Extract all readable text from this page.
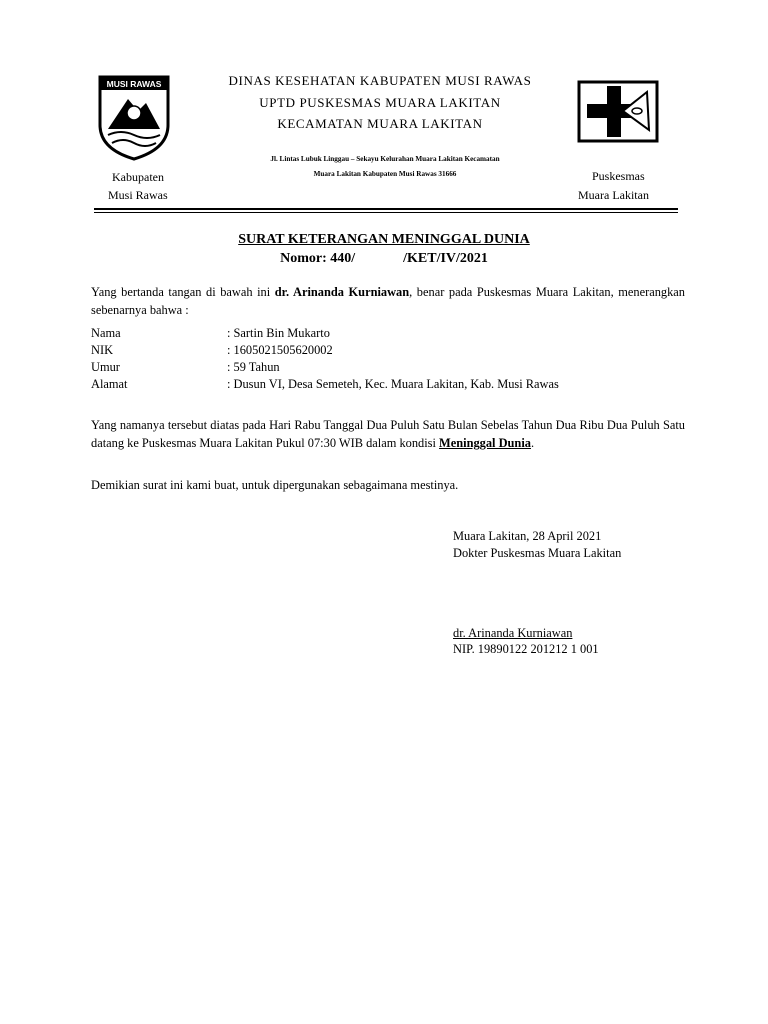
MUSI RAWAS	DINAS KESEHATAN KABUPATEN MUSI RAWAS
UPTD PUSKESMAS MUARA LAKITAN
KECAMATAN MUARA LAKITAN
Jl. Lintas Lubuk Linggau – Sekayu Kelurahan Muara Lakitan Kecamatan
Muara Lakitan Kabupaten Musi Rawas 31666
Kabupaten
Musi Rawas
Puskesmas
Muara Lakitan
SURAT KETERANGAN MENINGGAL DUNIA
Nomor: 440/	/KET/IV/2021
Yang bertanda tangan di bawah ini dr. Arinanda Kurniawan, benar pada Puskesmas Muara Lakitan, menerangkan sebenarnya bahwa :
Nama	: Sartin Bin Mukarto
NIK	: 1605021505620002
Umur	: 59 Tahun
Alamat	: Dusun VI, Desa Semeteh, Kec. Muara Lakitan, Kab. Musi Rawas
Yang namanya tersebut diatas pada Hari Rabu Tanggal Dua Puluh Satu Bulan Sebelas Tahun Dua Ribu Dua Puluh Satu datang ke Puskesmas Muara Lakitan Pukul 07:30 WIB dalam kondisi Meninggal Dunia.
Demikian surat ini kami buat, untuk dipergunakan sebagaimana mestinya.
Muara Lakitan, 28 April 2021
Dokter Puskesmas Muara Lakitan
dr. Arinanda Kurniawan
NIP. 19890122 201212 1 001
